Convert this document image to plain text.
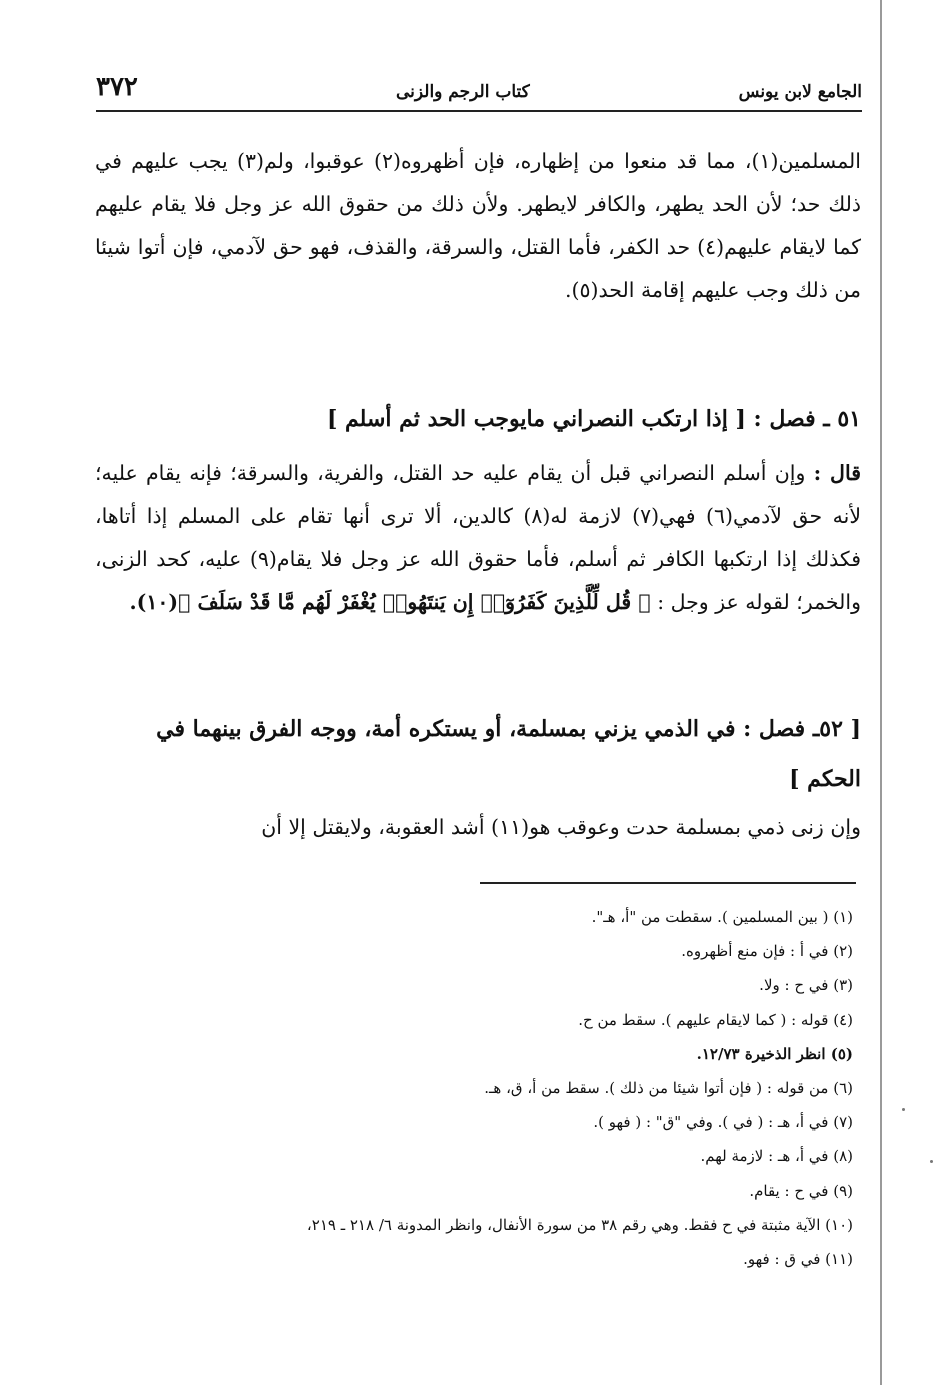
الجامع لابن يونس
كتاب الرجم والزنى
٣٧٢

المسلمين(١)، مما قد منعوا من إظهاره، فإن أظهروه(٢) عوقبوا، ولم(٣) يجب عليهم في ذلك حد؛ لأن الحد يطهر، والكافر لايطهر. ولأن ذلك من حقوق الله عز وجل فلا يقام عليهم كما لايقام عليهم(٤) حد الكفر، فأما القتل، والسرقة، والقذف، فهو حق لآدمي، فإن أتوا شيئا من ذلك وجب عليهم إقامة الحد(٥).

٥١ ـ فصل : [ إذا ارتكب النصراني مايوجب الحد ثم أسلم ]

قال : وإن أسلم النصراني قبل أن يقام عليه حد القتل، والفرية، والسرقة؛ فإنه يقام عليه؛ لأنه حق لآدمي(٦) فهي(٧) لازمة له(٨) كالدين، ألا ترى أنها تقام على المسلم إذا أتاها، فكذلك إذا ارتكبها الكافر ثم أسلم، فأما حقوق الله عز وجل فلا يقام(٩) عليه، كحد الزنى، والخمر؛ لقوله عز وجل : ﴿ قُل لِّلَّذِينَ كَفَرُوٓا۟ إِن يَنتَهُوا۟ يُغْفَرْ لَهُم مَّا قَدْ سَلَفَ ﴾(١٠).

[ ٥٢ـ فصل : في الذمي يزني بمسلمة، أو يستكره أمة، ووجه الفرق بينهما في الحكم ]

وإن زنى ذمي بمسلمة حدت وعوقب هو(١١) أشد العقوبة، ولايقتل إلا أن

(١) ( بين المسلمين ). سقطت من "أ، هـ".
(٢) في أ : فإن منع أظهروه.
(٣) في ح : ولا.
(٤) قوله : ( كما لايقام عليهم ). سقط من ح.
(٥) انظر الذخيرة ١٢/٧٣.
(٦) من قوله : ( فإن أتوا شيئا من ذلك ). سقط من أ، ق، هـ.
(٧) في أ، هـ : ( في ). وفي "ق" : ( فهو ).
(٨) في أ، هـ : لازمة لهم.
(٩) في ح : يقام.
(١٠) الآية مثبتة في ح فقط. وهي رقم ٣٨ من سورة الأنفال، وانظر المدونة ٦/ ٢١٨ ـ ٢١٩،
(١١) في ق : فهو.
